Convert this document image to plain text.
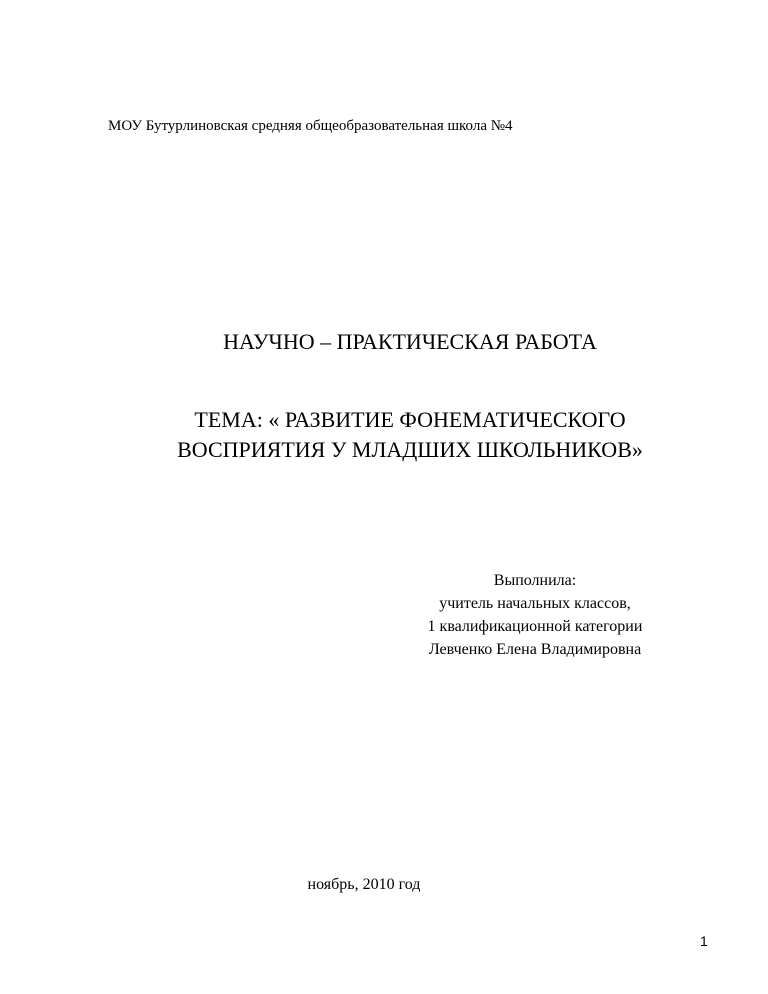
МОУ Бутурлиновская средняя общеобразовательная школа №4
НАУЧНО – ПРАКТИЧЕСКАЯ РАБОТА
ТЕМА: « РАЗВИТИЕ ФОНЕМАТИЧЕСКОГО
ВОСПРИЯТИЯ У МЛАДШИХ ШКОЛЬНИКОВ»
Выполнила:
учитель начальных классов,
1 квалификационной категории
Левченко Елена Владимировна
ноябрь, 2010 год
1
